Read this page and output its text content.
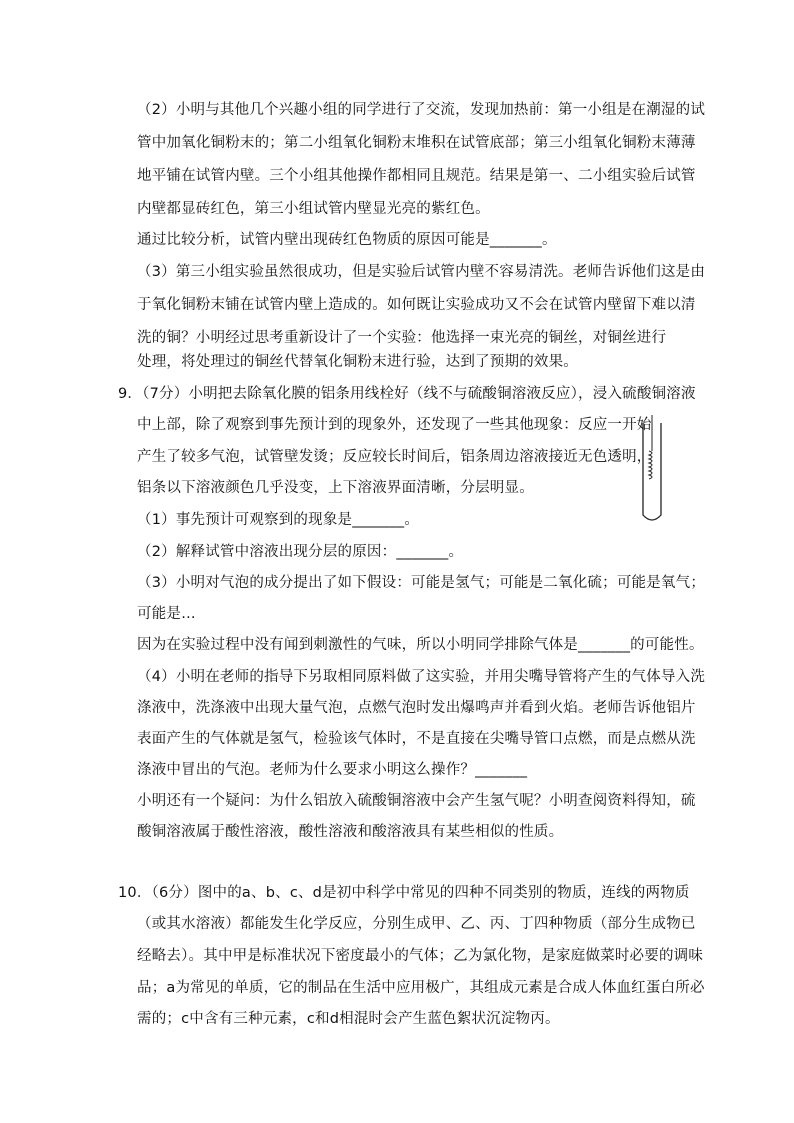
（2）小明与其他几个兴趣小组的同学进行了交流，发现加热前：第一小组是在潮湿的试
管中加氧化铜粉末的；第二小组氧化铜粉末堆积在试管底部；第三小组氧化铜粉末薄薄
地平铺在试管内壁。三个小组其他操作都相同且规范。结果是第一、二小组实验后试管
内壁都显砖红色，第三小组试管内壁显光亮的紫红色。
通过比较分析，试管内壁出现砖红色物质的原因可能是_______。
（3）第三小组实验虽然很成功，但是实验后试管内壁不容易清洗。老师告诉他们这是由
于氧化铜粉末铺在试管内壁上造成的。如何既让实验成功又不会在试管内壁留下难以清
洗的铜？小明经过思考重新设计了一个实验：他选择一束光亮的铜丝，对铜丝进行
处理，将处理过的铜丝代替氧化铜粉末进行验，达到了预期的效果。
9．（7分）小明把去除氧化膜的铝条用线栓好（线不与硫酸铜溶液反应），浸入硫酸铜溶液
中上部，除了观察到事先预计到的现象外，还发现了一些其他现象：反应一开始
产生了较多气泡，试管壁发烫；反应较长时间后，铝条周边溶液接近无色透明，
铝条以下溶液颜色几乎没变，上下溶液界面清晰，分层明显。
（1）事先预计可观察到的现象是_______。
（2）解释试管中溶液出现分层的原因：_______。
（3）小明对气泡的成分提出了如下假设：可能是氢气；可能是二氧化硫；可能是氧气；
可能是…
因为在实验过程中没有闻到刺激性的气味，所以小明同学排除气体是_______的可能性。
（4）小明在老师的指导下另取相同原料做了这实验，并用尖嘴导管将产生的气体导入洗
涤液中，洗涤液中出现大量气泡，点燃气泡时发出爆鸣声并看到火焰。老师告诉他铝片
表面产生的气体就是氢气，检验该气体时，不是直接在尖嘴导管口点燃，而是点燃从洗
涤液中冒出的气泡。老师为什么要求小明这么操作？_______
小明还有一个疑问：为什么铝放入硫酸铜溶液中会产生氢气呢？小明查阅资料得知，硫
酸铜溶液属于酸性溶液，酸性溶液和酸溶液具有某些相似的性质。
10．（6分）图中的a、b、c、d是初中科学中常见的四种不同类别的物质，连线的两物质
（或其水溶液）都能发生化学反应，分别生成甲、乙、丙、丁四种物质（部分生成物已
经略去）。其中甲是标准状况下密度最小的气体；乙为氯化物，是家庭做菜时必要的调味
品；a为常见的单质，它的制品在生活中应用极广，其组成元素是合成人体血红蛋白所必
需的；c中含有三种元素，c和d相混时会产生蓝色絮状沉淀物丙。
